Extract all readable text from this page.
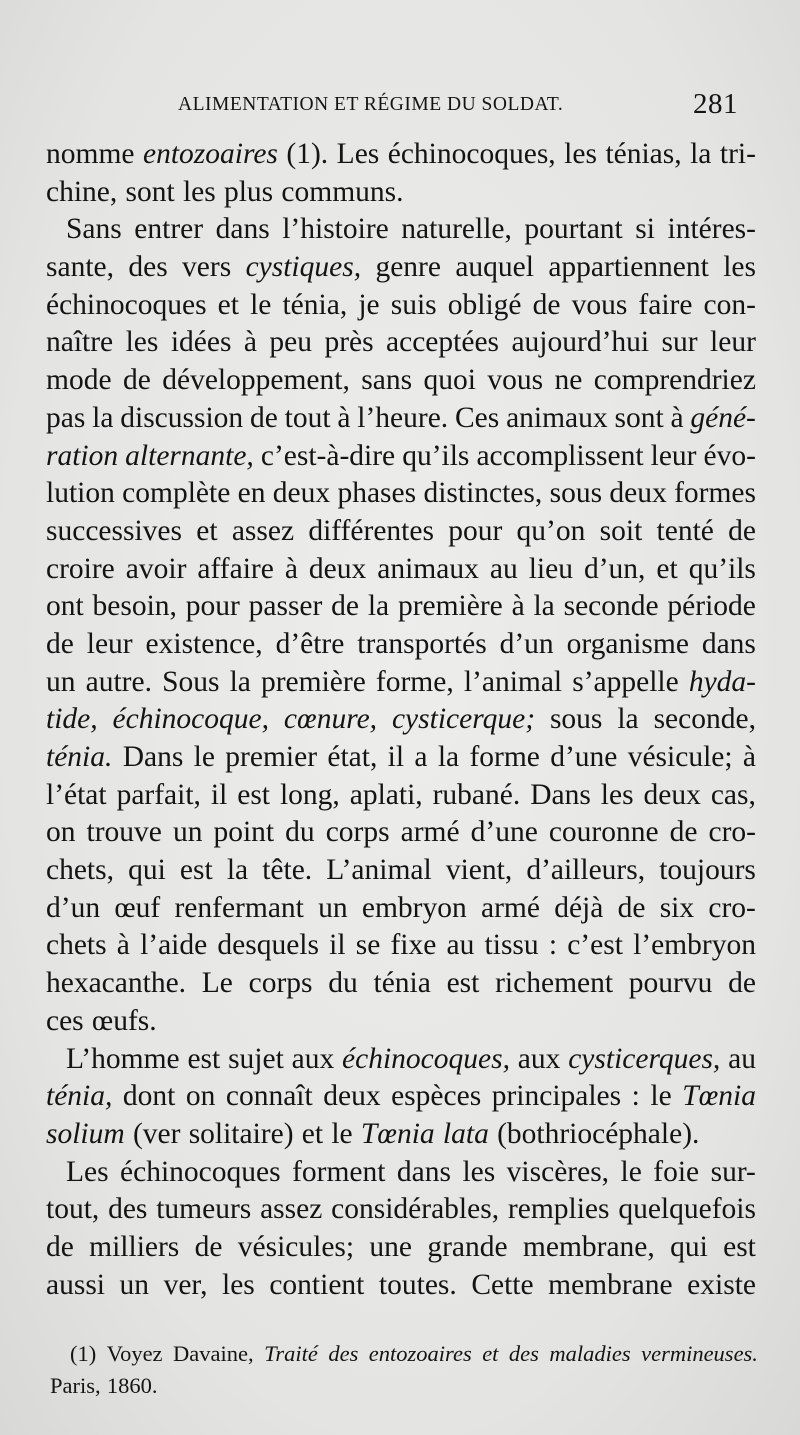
ALIMENTATION ET RÉGIME DU SOLDAT.	281
nomme entozoaires (1). Les échinocoques, les ténias, la tri-
chine, sont les plus communs.
Sans entrer dans l’histoire naturelle, pourtant si intéres-
sante, des vers cystiques, genre auquel appartiennent les
échinocoques et le ténia, je suis obligé de vous faire con-
naître les idées à peu près acceptées aujourd’hui sur leur
mode de développement, sans quoi vous ne comprendriez
pas la discussion de tout à l’heure. Ces animaux sont à géné-
ration alternante, c’est-à-dire qu’ils accomplissent leur évo-
lution complète en deux phases distinctes, sous deux formes
successives et assez différentes pour qu’on soit tenté de
croire avoir affaire à deux animaux au lieu d’un, et qu’ils
ont besoin, pour passer de la première à la seconde période
de leur existence, d’être transportés d’un organisme dans
un autre. Sous la première forme, l’animal s’appelle hyda-
tide, échinocoque, cœnure, cysticerque; sous la seconde,
ténia. Dans le premier état, il a la forme d’une vésicule; à
l’état parfait, il est long, aplati, rubané. Dans les deux cas,
on trouve un point du corps armé d’une couronne de cro-
chets, qui est la tête. L’animal vient, d’ailleurs, toujours
d’un œuf renfermant un embryon armé déjà de six cro-
chets à l’aide desquels il se fixe au tissu : c’est l’embryon
hexacanthe. Le corps du ténia est richement pourvu de
ces œufs.
L’homme est sujet aux échinocoques, aux cysticerques, au
ténia, dont on connaît deux espèces principales : le Tœnia
solium (ver solitaire) et le Tœnia lata (bothriocéphale).
Les échinocoques forment dans les viscères, le foie sur-
tout, des tumeurs assez considérables, remplies quelquefois
de milliers de vésicules; une grande membrane, qui est
aussi un ver, les contient toutes. Cette membrane existe
(1) Voyez Davaine, Traité des entozoaires et des maladies vermineuses.
Paris, 1860.
